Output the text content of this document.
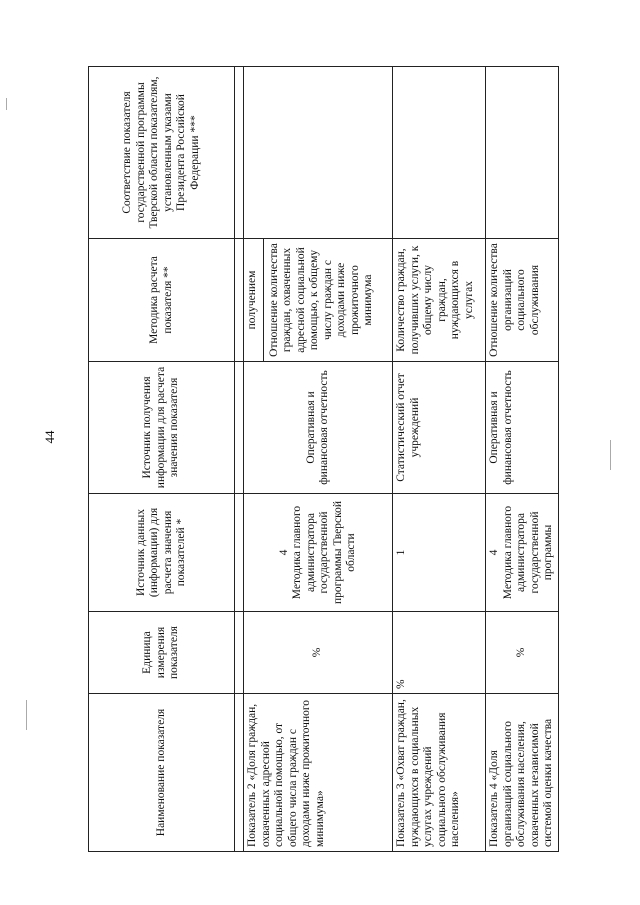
44
Наименование показателя	Единица измерения показателя	Источник данных (информации) для расчета значения показателей *	Источник получения информации для расчета значения показателя	Методика расчета показателя **	Соответствие показателя государственной программы Тверской области показателям, установленным указами Президента Российской Федерации ***

Показатель 2 «Доля граждан, охваченных адресной социальной помощью, от общего числа граждан с доходами ниже прожиточного минимума»	%	4 Методика главного администратора государственной программы Тверской области	Оперативная и финансовая отчетность	получением Отношение количества граждан, охваченных адресной социальной помощью, к общему числу граждан с доходами ниже прожиточного минимума	
Показатель 3 «Охват граждан, нуждающихся в социальных услугах учреждений социального обслуживания населения»	%	1	Статистический отчет учреждений	Количество граждан, получивших услуги, к общему числу граждан, нуждающихся в услугах	
Показатель 4 «Доля организаций социального обслуживания населения, охваченных независимой системой оценки качества	%	4 Методика главного администратора государственной программы	Оперативная и финансовая отчетность	Отношение количества организаций социального обслуживания	
